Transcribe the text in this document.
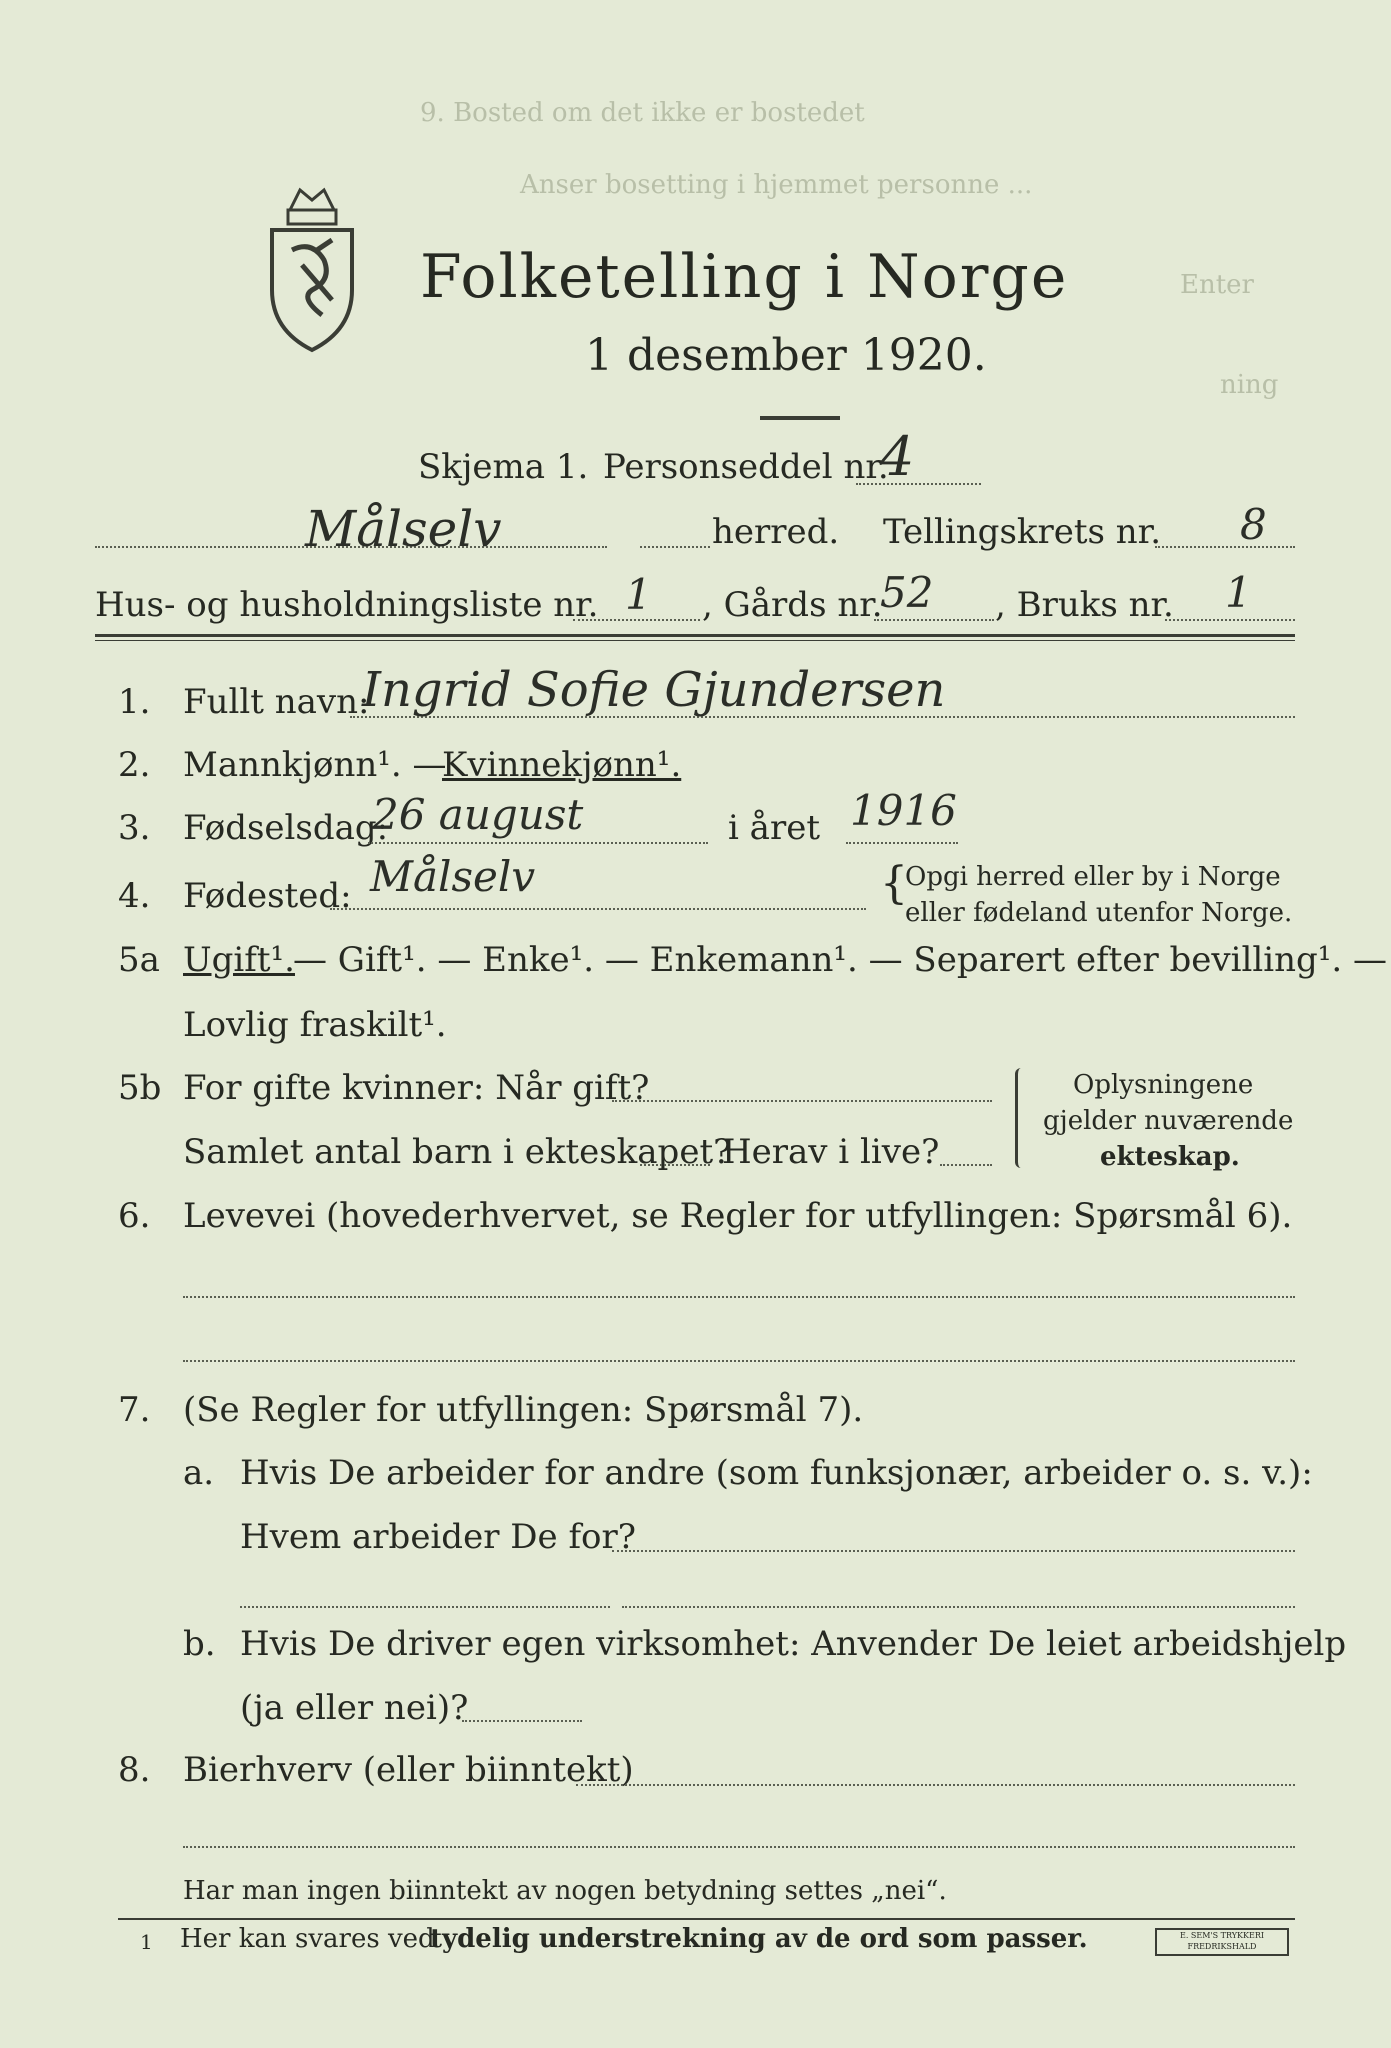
9. Bosted om det ikke er bostedet
Anser bosetting i hjemmet personne ...
Enter
ning
Folketelling i Norge
1 desember 1920.
Skjema 1. Personseddel nr.
4
Målselv	herred. Tellingskrets nr. 8
Hus- og husholdningsliste nr. 1 , Gårds nr.
52 , Bruks nr. 1
1. Fullt navn:
Ingrid Sofie Gjundersen
2. Mannkjønn¹. —
Kvinnekjønn¹.
3. Fødselsdag:
26 august	i året 1916
4. Fødested: Målselv	{
Opgi herred eller by i Norge
eller fødeland utenfor Norge.
5a Ugift¹.
— Gift¹. — Enke¹. — Enkemann¹. — Separert efter bevilling¹. —
Lovlig fraskilt¹.
5b For gifte kvinner: Når gift?
Samlet antal barn i ekteskapet?
Herav i live?
Oplysningene
gjelder nuværende
ekteskap.
6. Levevei (hovederhvervet, se Regler for utfyllingen: Spørsmål 6).
7. (Se Regler for utfyllingen: Spørsmål 7).
a. Hvis De arbeider for andre (som funksjonær, arbeider o. s. v.):
Hvem arbeider De for?
b. Hvis De driver egen virksomhet: Anvender De leiet arbeidshjelp
(ja eller nei)?
8. Bierhverv (eller biinntekt)
Har man ingen biinntekt av nogen betydning settes „nei“.
1 Her kan svares ved
tydelig understrekning av de ord som passer.	E. SEM'S TRYKKERI FREDRIKSHALD
